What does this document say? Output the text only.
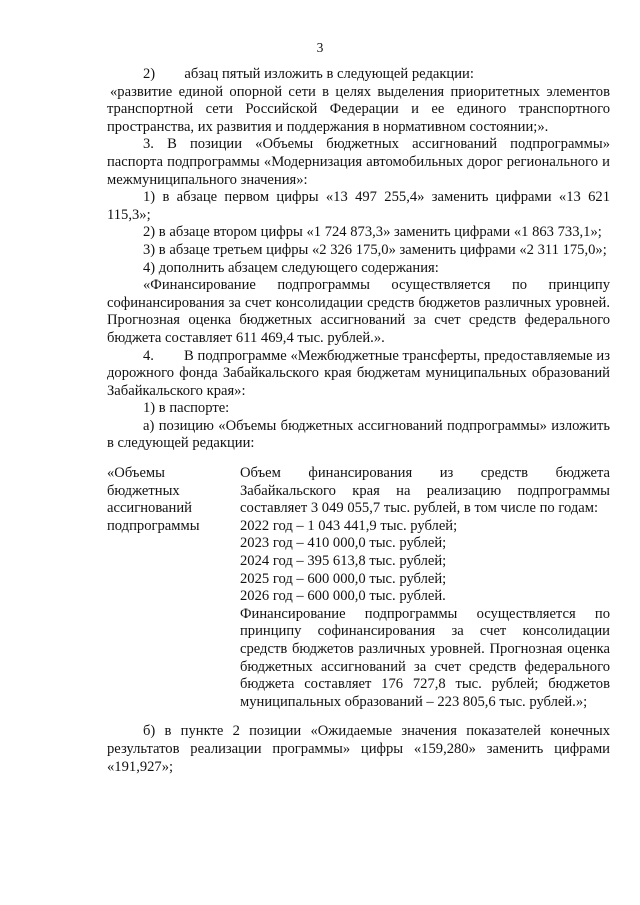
3

2)        абзац пятый изложить в следующей редакции:

«развитие единой опорной сети в целях выделения приоритетных элементов транспортной сети Российской Федерации и ее единого транспортного пространства, их развития и поддержания в нормативном состоянии;».

3. В позиции «Объемы бюджетных ассигнований подпрограммы» паспорта подпрограммы «Модернизация автомобильных дорог регионального и межмуниципального значения»:

1) в абзаце первом цифры «13 497 255,4» заменить цифрами «13 621 115,3»;

2) в абзаце втором цифры «1 724 873,3» заменить цифрами «1 863 733,1»;

3) в абзаце третьем цифры «2 326 175,0» заменить цифрами «2 311 175,0»;

4) дополнить абзацем следующего содержания:

«Финансирование подпрограммы осуществляется по принципу софинансирования за счет консолидации средств бюджетов различных уровней. Прогнозная оценка бюджетных ассигнований за счет средств федерального бюджета составляет 611 469,4 тыс. рублей.».

4.        В подпрограмме «Межбюджетные трансферты, предоставляемые из дорожного фонда Забайкальского края бюджетам муниципальных образований Забайкальского края»:

1) в паспорте:

а) позицию «Объемы бюджетных ассигнований подпрограммы» изложить в следующей редакции:

«Объемы
бюджетных
ассигнований
подпрограммы

Объем финансирования из средств бюджета Забайкальского края на реализацию подпрограммы составляет 3 049 055,7 тыс. рублей, в том числе по годам:

2022 год – 1 043 441,9 тыс. рублей;
2023 год – 410 000,0 тыс. рублей;
2024 год – 395 613,8 тыс. рублей;
2025 год – 600 000,0 тыс. рублей;
2026 год – 600 000,0 тыс. рублей.

Финансирование подпрограммы осуществляется по принципу софинансирования за счет консолидации средств бюджетов различных уровней. Прогнозная оценка бюджетных ассигнований за счет средств федерального бюджета составляет 176 727,8 тыс. рублей; бюджетов муниципальных образований – 223 805,6 тыс. рублей.»;

б) в пункте 2 позиции «Ожидаемые значения показателей конечных результатов реализации программы» цифры «159,280» заменить цифрами «191,927»;
